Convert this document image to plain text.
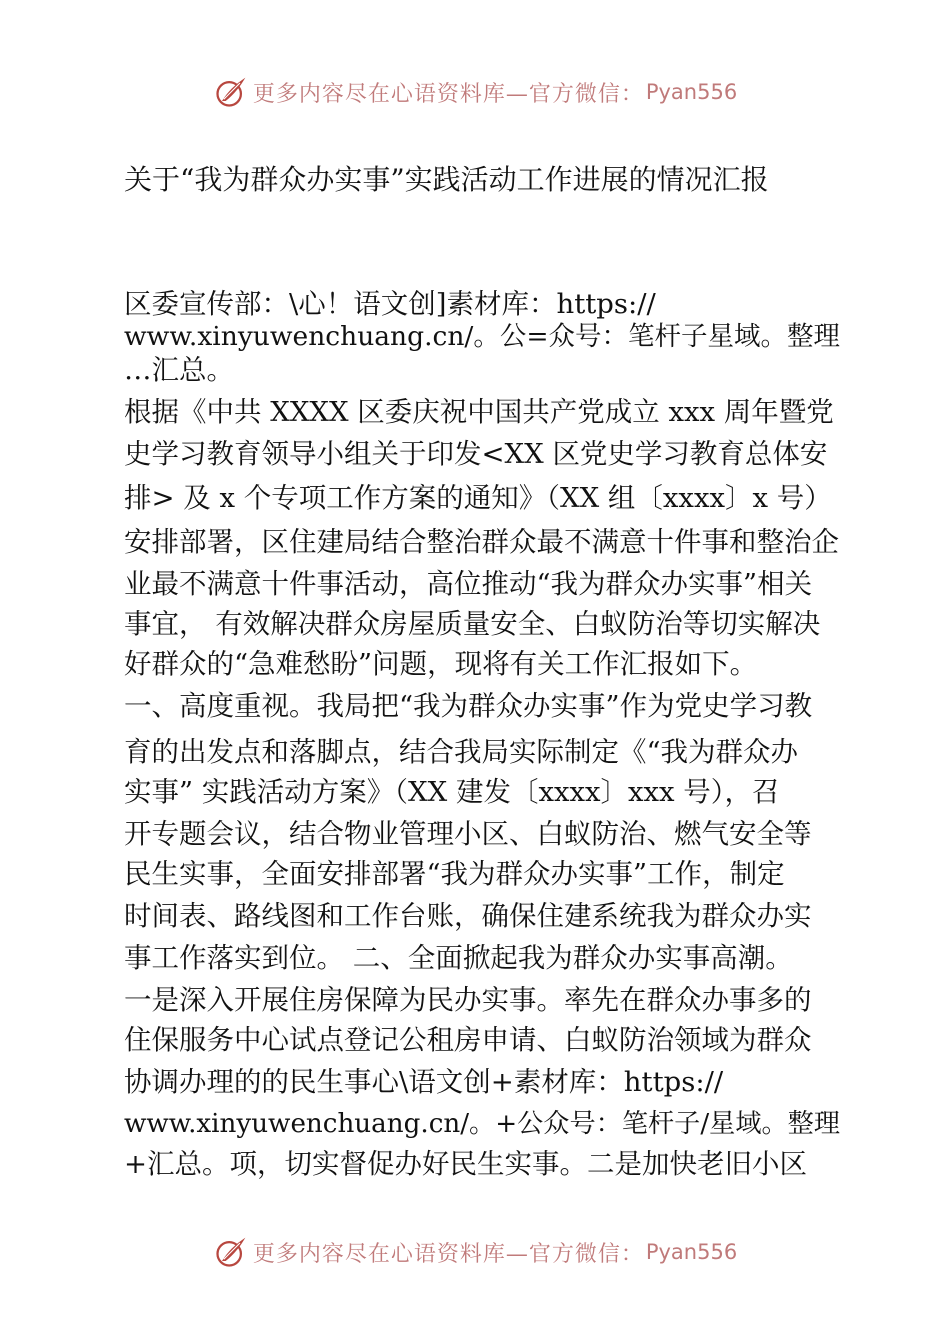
更多内容尽在心语资料库—官方微信： Pyan556
关于“我为群众办实事”实践活动工作进展的情况汇报
区委宣传部：\心！语文创]素材库：https://
www.xinyuwenchuang.cn/。公=众号：笔杆子星域。整理
…汇总。
根据《中共 XXXX 区委庆祝中国共产党成立 xxx 周年暨党
史学习教育领导小组关于印发<XX 区党史学习教育总体安
排> 及 x 个专项工作方案的通知》（XX 组〔xxxx〕x 号）
安排部署，区住建局结合整治群众最不满意十件事和整治企
业最不满意十件事活动，高位推动“我为群众办实事”相关
事宜， 有效解决群众房屋质量安全、白蚁防治等切实解决
好群众的“急难愁盼”问题，现将有关工作汇报如下。
一、高度重视。我局把“我为群众办实事”作为党史学习教
育的出发点和落脚点，结合我局实际制定《“我为群众办
实事” 实践活动方案》（XX 建发〔xxxx〕xxx 号），召
开专题会议，结合物业管理小区、白蚁防治、燃气安全等
民生实事，全面安排部署“我为群众办实事”工作，制定
时间表、路线图和工作台账，确保住建系统我为群众办实
事工作落实到位。 二、全面掀起我为群众办实事高潮。
一是深入开展住房保障为民办实事。率先在群众办事多的
住保服务中心试点登记公租房申请、白蚁防治领域为群众
协调办理的的民生事心\语文创+素材库：https://
www.xinyuwenchuang.cn/。+公众号：笔杆子/星域。整理
+汇总。项，切实督促办好民生实事。二是加快老旧小区
更多内容尽在心语资料库—官方微信： Pyan556
